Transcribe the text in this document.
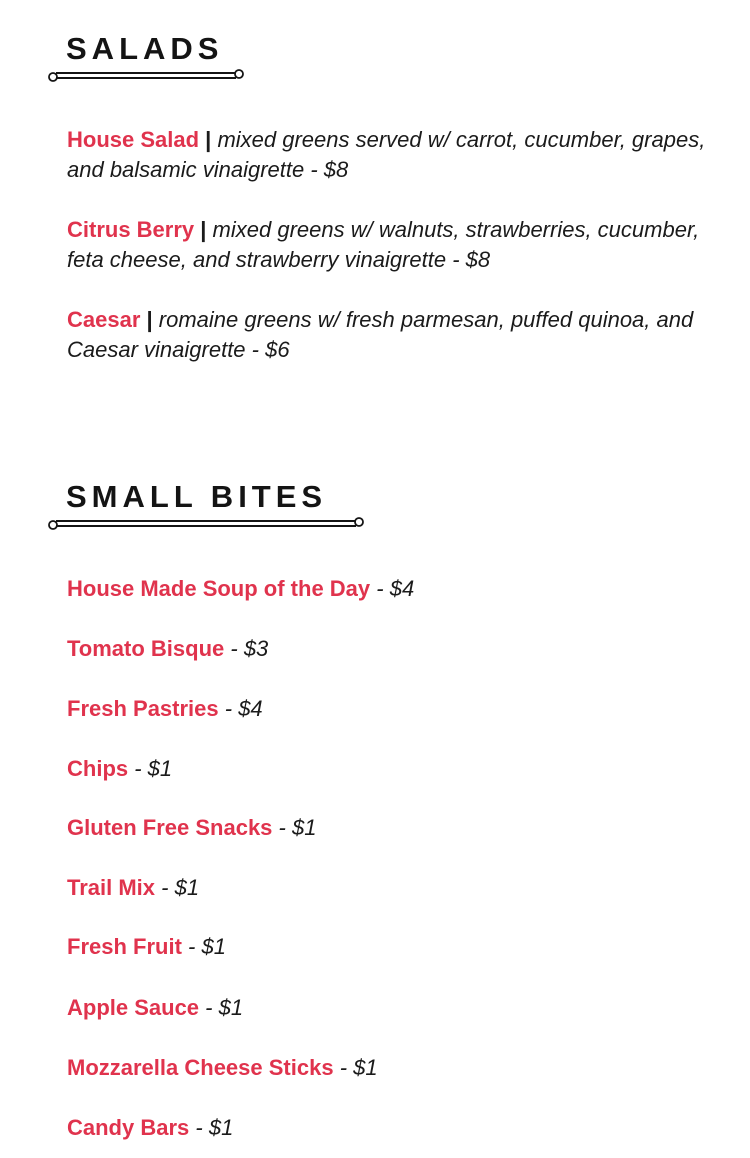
SALADS
House Salad | mixed greens served w/ carrot, cucumber, grapes, and balsamic vinaigrette - $8
Citrus Berry | mixed greens w/ walnuts, strawberries, cucumber, feta cheese, and strawberry vinaigrette - $8
Caesar | romaine greens w/ fresh parmesan, puffed quinoa, and Caesar vinaigrette - $6
SMALL BITES
House Made Soup of the Day - $4
Tomato Bisque - $3
Fresh Pastries - $4
Chips - $1
Gluten Free Snacks - $1
Trail Mix - $1
Fresh Fruit - $1
Apple Sauce - $1
Mozzarella Cheese Sticks - $1
Candy Bars - $1
